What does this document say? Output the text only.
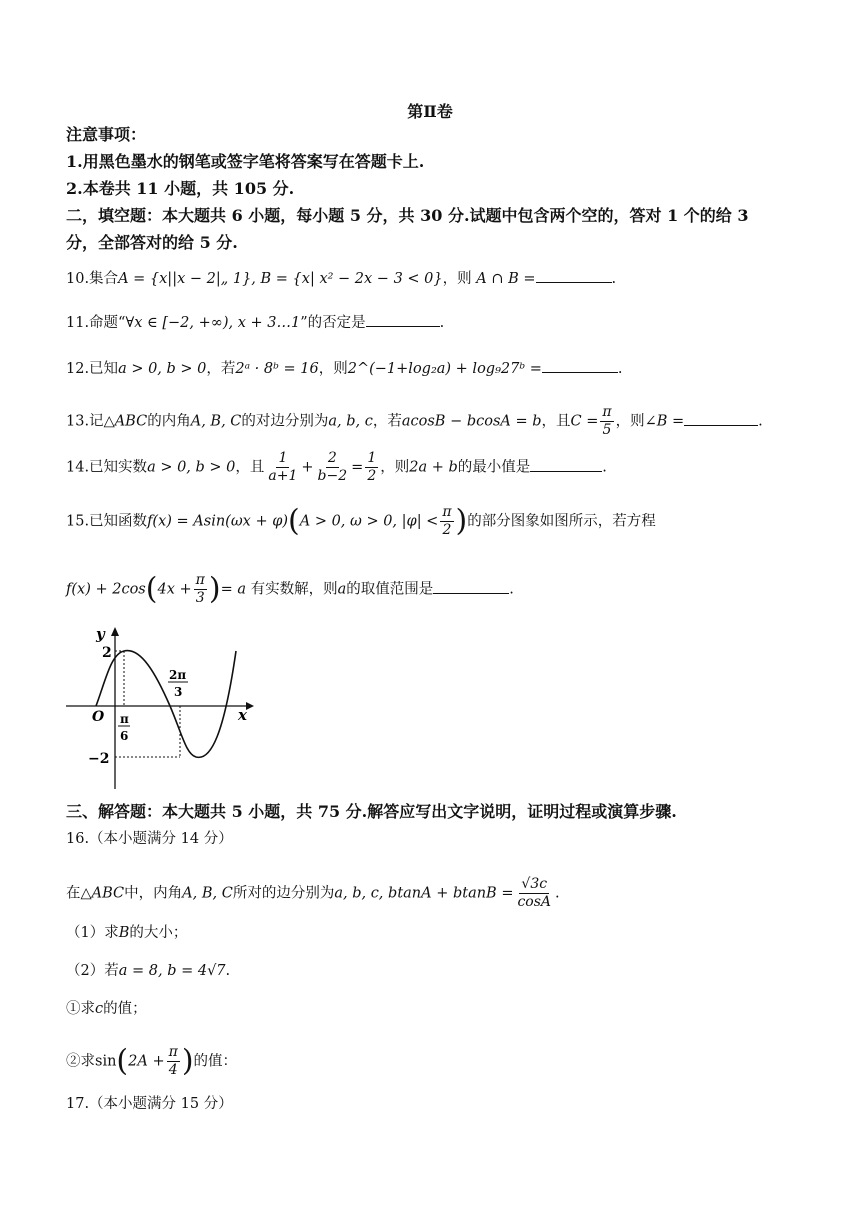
第Ⅱ卷
注意事项：
1.用黑色墨水的钢笔或签字笔将答案写在答题卡上.
2.本卷共 11 小题，共 105 分.
二，填空题：本大题共 6 小题，每小题 5 分，共 30 分.试题中包含两个空的，答对 1 个的给 3
分，全部答对的给 5 分.
10.集合A = {x||x − 2|„ 1}, B = {x| x² − 2x − 3 < 0}，则 A ∩ B =	.
11.命题“∀x ∈ [−2, +∞), x + 3…1”的否定是	.
12.已知a > 0, b > 0，若2ᵃ · 8ᵇ = 16，则2^(−1+log₂a) + log₉27ᵇ =	.
13.记△ABC的内角A, B, C的对边分别为a, b, c，若acosB − bcosA = b，且$C = \frac{\pi}{5}$ ，则∠B =	.
14.已知实数a > 0, b > 0，且 $\frac{1}{a+1} + \frac{2}{b-2} = \frac{1}{2}$ ，则2a + b的最小值是	.
15.已知函数f(x) = Asin(ωx + φ)(A > 0, ω > 0, $|\varphi| < \frac{\pi}{2}$ )的部分图象如图所示，若方程
$f(x) + 2\cos(4x + \frac{\pi}{3}$ )= a 有实数解，则a的取值范围是	.
y
x
O
2
−2
π
6
2π
3
三、解答题：本大题共 5 小题，共 75 分.解答应写出文字说明，证明过程或演算步骤.
16.（本小题满分 14 分）
在△ABC中，内角A, B, C所对的边分别为a, b, c, $btanA + btanB = \frac{√3c}{\cos A}$ .
（1）求B的大小；
（2）若a = 8, b = 4√7.
①求c的值；
②求$\sin(2A + \frac{\pi}{4}$ )的值：
17.（本小题满分 15 分）
